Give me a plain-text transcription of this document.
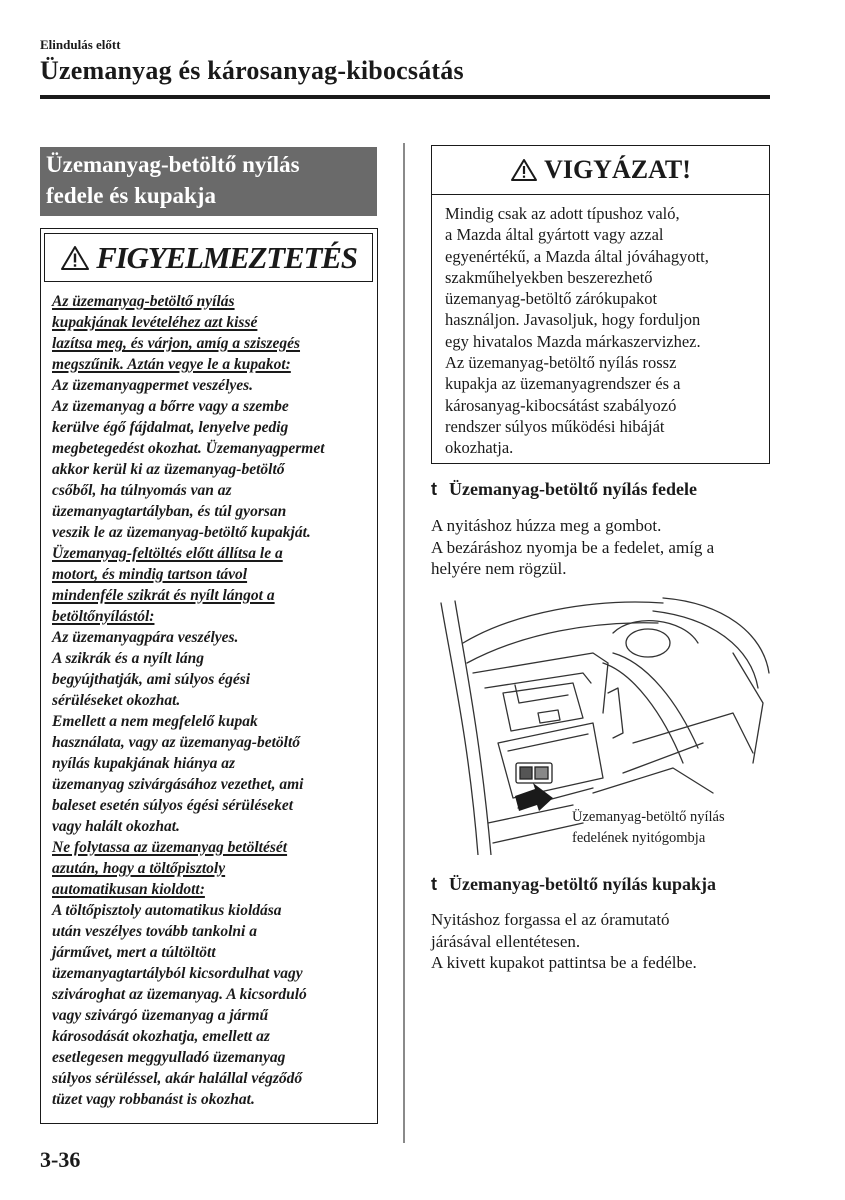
Elindulás előtt
Üzemanyag és károsanyag-kibocsátás
Üzemanyag-betöltő nyílás
fedele és kupakja
FIGYELMEZTETÉS

Az üzemanyag-betöltő nyílás

kupakjának levételéhez azt kissé

lazítsa meg, és várjon, amíg a sziszegés

megszűnik. Aztán vegye le a kupakot:

Az üzemanyagpermet veszélyes.

Az üzemanyag a bőrre vagy a szembe

kerülve égő fájdalmat, lenyelve pedig

megbetegedést okozhat. Üzemanyagpermet

akkor kerül ki az üzemanyag-betöltő

csőből, ha túlnyomás van az

üzemanyagtartályban, és túl gyorsan

veszik le az üzemanyag-betöltő kupakját.

Üzemanyag-feltöltés előtt állítsa le a

motort, és mindig tartson távol

mindenféle szikrát és nyílt lángot a

betöltőnyílástól:

Az üzemanyagpára veszélyes.

A szikrák és a nyílt láng

begyújthatják, ami súlyos égési

sérüléseket okozhat.

Emellett a nem megfelelő kupak

használata, vagy az üzemanyag-betöltő

nyílás kupakjának hiánya az

üzemanyag szivárgásához vezethet, ami

baleset esetén súlyos égési sérüléseket

vagy halált okozhat.

Ne folytassa az üzemanyag betöltését

azután, hogy a töltőpisztoly

automatikusan kioldott:

A töltőpisztoly automatikus kioldása

után veszélyes tovább tankolni a

járművet, mert a túltöltött

üzemanyagtartályból kicsordulhat vagy

szivároghat az üzemanyag. A kicsorduló

vagy szivárgó üzemanyag a jármű

károsodását okozhatja, emellett az

esetlegesen meggyulladó üzemanyag

súlyos sérüléssel, akár halállal végződő

tüzet vagy robbanást is okozhat.

VIGYÁZAT!

Mindig csak az adott típushoz való,

a Mazda által gyártott vagy azzal

egyenértékű, a Mazda által jóváhagyott,

szakműhelyekben beszerezhető

üzemanyag-betöltő zárókupakot

használjon. Javasoljuk, hogy forduljon

egy hivatalos Mazda márkaszervizhez.

Az üzemanyag-betöltő nyílás rossz

kupakja az üzemanyagrendszer és a

károsanyag-kibocsátást szabályozó

rendszer súlyos működési hibáját

okozhatja.

t Üzemanyag-betöltő nyílás fedele

A nyitáshoz húzza meg a gombot.

A bezáráshoz nyomja be a fedelet, amíg a

helyére nem rögzül.

Üzemanyag-betöltő nyílás

fedelének nyitógombja

t Üzemanyag-betöltő nyílás kupakja

Nyitáshoz forgassa el az óramutató

járásával ellentétesen.

A kivett kupakot pattintsa be a fedélbe.

3-36
